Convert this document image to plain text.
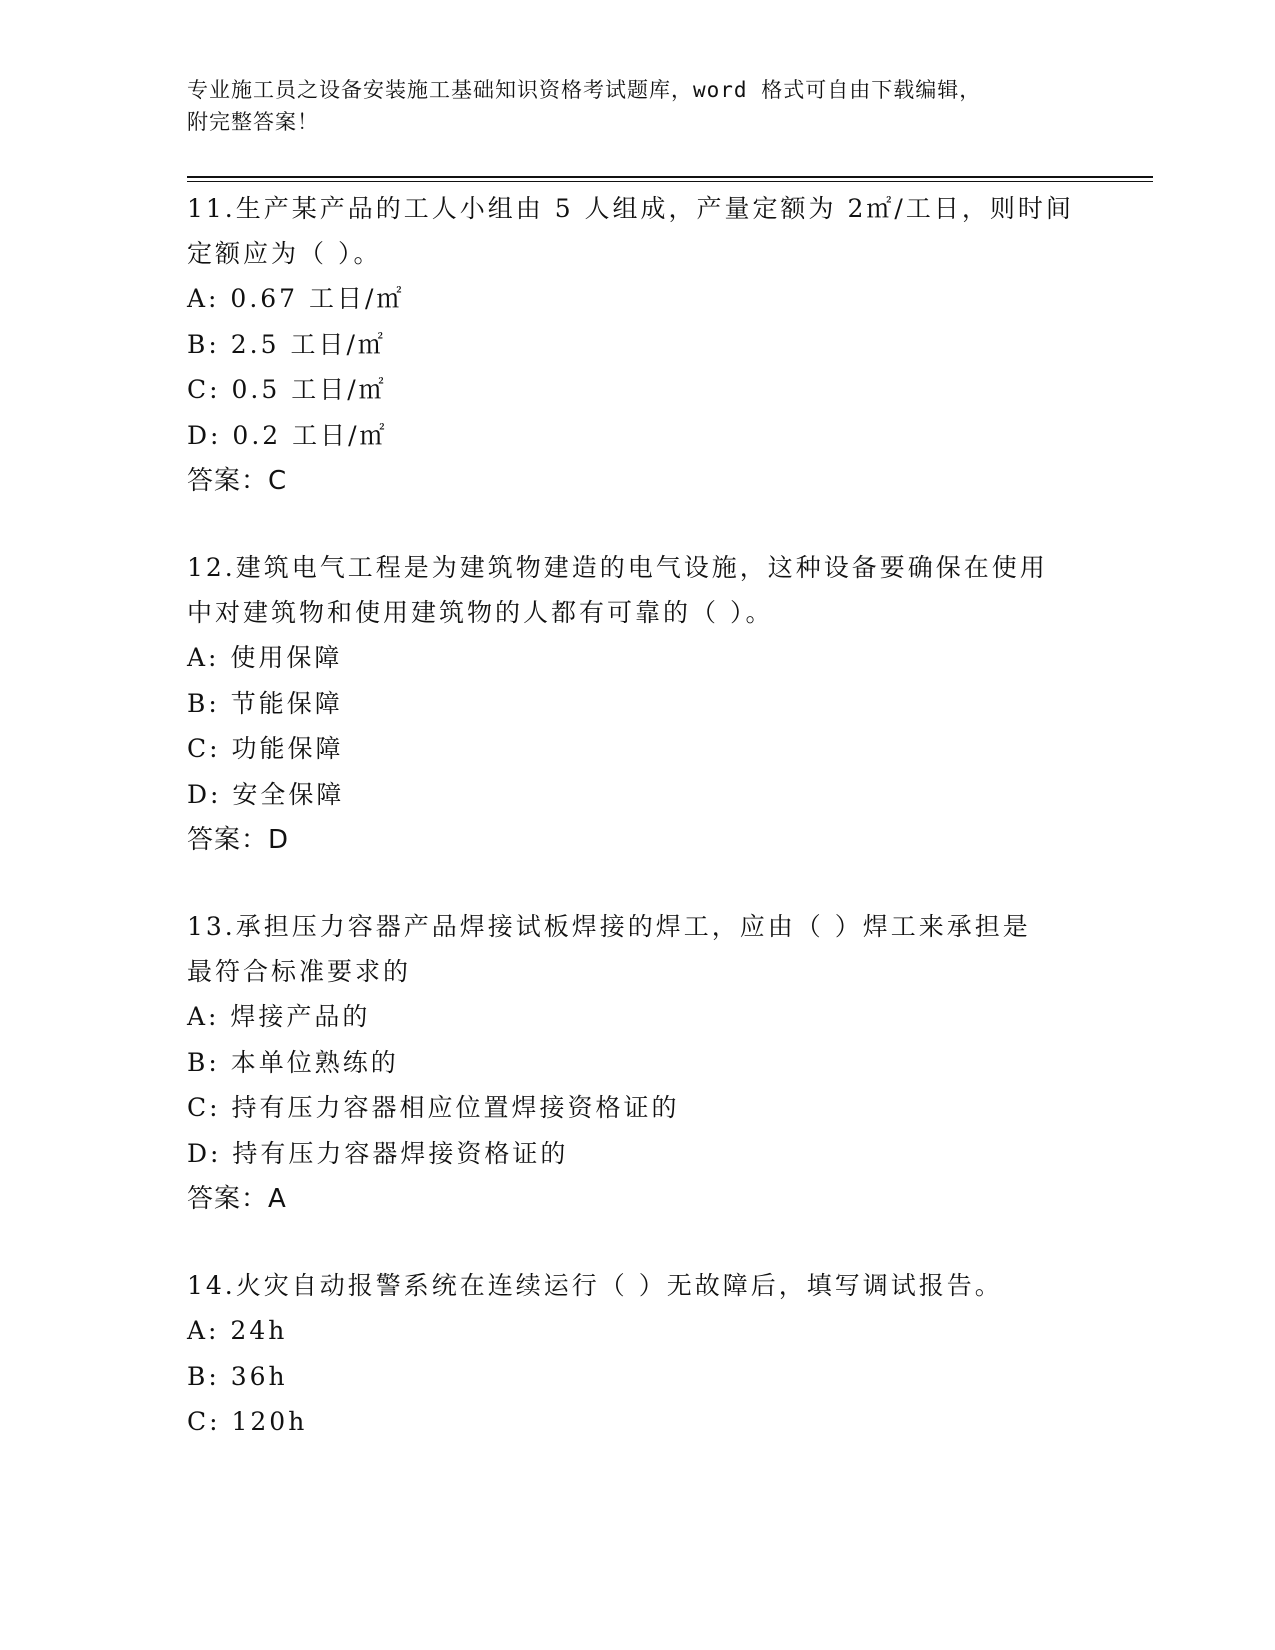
专业施工员之设备安装施工基础知识资格考试题库，word 格式可自由下载编辑，
附完整答案！
11.生产某产品的工人小组由 5 人组成，产量定额为 2㎡/工日，则时间
定额应为（ ）。
A: 0.67 工日/㎡
B: 2.5 工日/㎡
C: 0.5 工日/㎡
D: 0.2 工日/㎡
答案：C
12.建筑电气工程是为建筑物建造的电气设施，这种设备要确保在使用
中对建筑物和使用建筑物的人都有可靠的（ ）。
A: 使用保障
B: 节能保障
C: 功能保障
D: 安全保障
答案：D
13.承担压力容器产品焊接试板焊接的焊工，应由（ ）焊工来承担是
最符合标准要求的
A: 焊接产品的
B: 本单位熟练的
C: 持有压力容器相应位置焊接资格证的
D: 持有压力容器焊接资格证的
答案：A
14.火灾自动报警系统在连续运行（ ）无故障后，填写调试报告。
A: 24h
B: 36h
C: 120h
